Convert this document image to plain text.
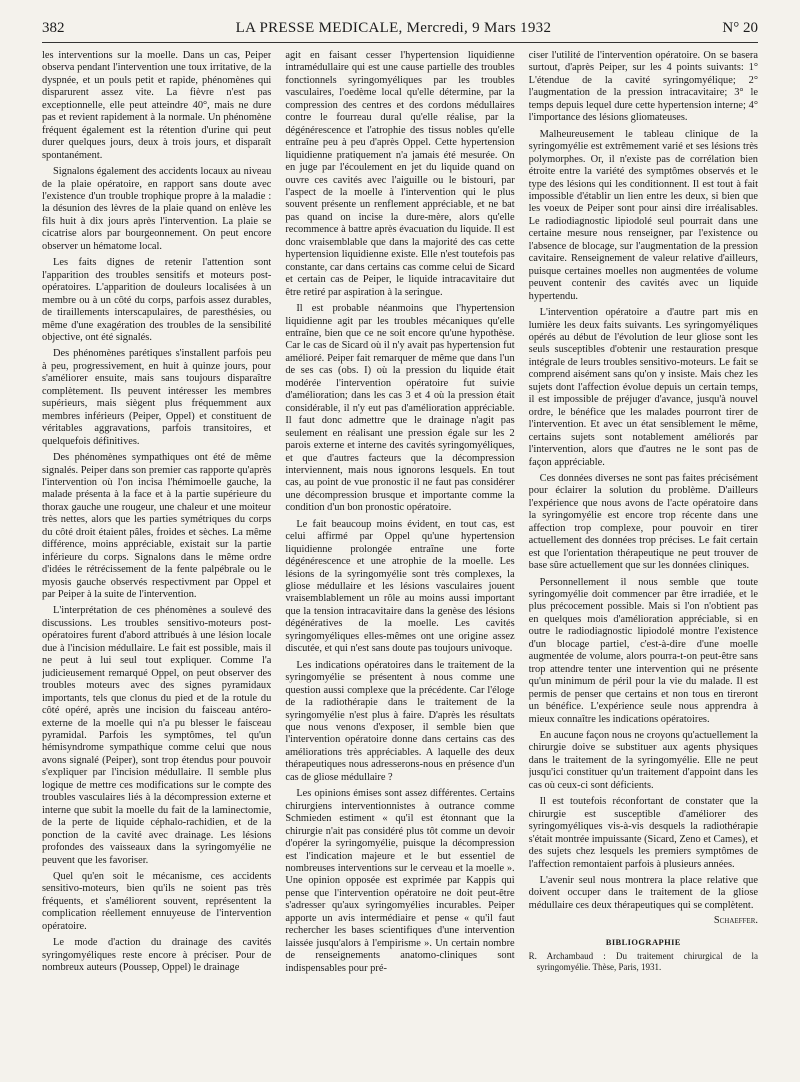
382	LA PRESSE MEDICALE, Mercredi, 9 Mars 1932	N° 20

les interventions sur la moelle. Dans un cas, Peiper observa pendant l'intervention une toux irritative, de la dyspnée, et un pouls petit et rapide, phénomènes qui disparurent assez vite. La fièvre n'est pas exceptionnelle, elle peut atteindre 40°, mais ne dure pas et revient rapidement à la normale. Un phénomène fréquent également est la rétention d'urine qui peut durer quelques jours, deux à trois jours, et disparaît spontanément.

Signalons également des accidents locaux au niveau de la plaie opératoire, en rapport sans doute avec l'existence d'un trouble trophique propre à la maladie : la désunion des lèvres de la plaie quand on enlève les fils huit à dix jours après l'intervention. La plaie se cicatrise alors par bourgeonnement. On peut encore observer un hématome local.

Les faits dignes de retenir l'attention sont l'apparition des troubles sensitifs et moteurs post-opératoires. L'apparition de douleurs localisées à un membre ou à un côté du corps, parfois assez durables, de tiraillements interscapulaires, de paresthésies, ou même d'une exagération des troubles de la sensibilité objective, ont été signalés.

Des phénomènes parétiques s'installent parfois peu à peu, progressivement, en huit à quinze jours, pour s'améliorer ensuite, mais sans toujours disparaître complètement. Ils peuvent intéresser les membres supérieurs, mais siègent plus fréquemment aux membres inférieurs (Peiper, Oppel) et constituent de véritables aggravations, parfois transitoires, et quelquefois définitives.

Des phénomènes sympathiques ont été de même signalés. Peiper dans son premier cas rapporte qu'après l'intervention où l'on incisa l'hémimoelle gauche, la malade présenta à la face et à la partie supérieure du thorax gauche une rougeur, une chaleur et une moiteur très nettes, alors que les parties symétriques du corps du côté droit étaient pâles, froides et sèches. La même différence, moins appréciable, existait sur la partie inférieure du corps. Signalons dans le même ordre d'idées le rétrécissement de la fente palpébrale ou le myosis gauche observés respectivment par Oppel et par Peiper à la suite de l'intervention.

L'interprétation de ces phénomènes a soulevé des discussions. Les troubles sensitivo-moteurs post-opératoires furent d'abord attribués à une lésion locale due à l'incision médullaire. Le fait est possible, mais il ne peut à lui seul tout expliquer. Comme l'a judicieusement remarqué Oppel, on peut observer des troubles moteurs avec des signes pyramidaux importants, tels que clonus du pied et de la rotule du côté opéré, après une incision du faisceau antéro-externe de la moelle qui n'a pu blesser le faisceau pyramidal. Parfois les symptômes, tel qu'un hémisyndrome sympathique comme celui que nous avons signalé (Peiper), sont trop étendus pour pouvoir s'expliquer par l'incision médullaire. Il semble plus logique de mettre ces modifications sur le compte des troubles vasculaires liés à la décompression externe et interne que subit la moelle du fait de la laminectomie, de la perte de liquide céphalo-rachidien, et de la ponction de la cavité avec drainage. Les lésions profondes des vaisseaux dans la syringomyélie ne peuvent que les favoriser.

Quel qu'en soit le mécanisme, ces accidents sensitivo-moteurs, bien qu'ils ne soient pas très fréquents, et s'améliorent souvent, représentent la complication réellement ennuyeuse de l'intervention opératoire.

Le mode d'action du drainage des cavités syringomyéliques reste encore à préciser. Pour de nombreux auteurs (Poussep, Oppel) le drainage

agit en faisant cesser l'hypertension liquidienne intramédullaire qui est une cause partielle des troubles fonctionnels syringomyéliques par les troubles vasculaires, l'oedème local qu'elle détermine, par la compression des centres et des cordons médullaires contre le fourreau dural qu'elle réalise, par la dégénérescence et l'atrophie des tissus nobles qu'elle entraîne peu à peu d'après Oppel. Cette hypertension liquidienne pratiquement n'a jamais été mesurée. On en juge par l'écoulement en jet du liquide quand on ouvre ces cavités avec l'aiguille ou le bistouri, par l'aspect de la moelle à l'intervention qui le plus souvent présente un renflement appréciable, et ne bat pas quand on incise la dure-mère, alors qu'elle recommence à battre après évacuation du liquide. Il est donc vraisemblable que dans la majorité des cas cette hypertension liquidienne existe. Elle n'est toutefois pas constante, car dans certains cas comme celui de Sicard et certain cas de Peiper, le liquide intracavitaire dut être retiré par aspiration à la seringue.

Il est probable néanmoins que l'hypertension liquidienne agit par les troubles mécaniques qu'elle entraîne, bien que ce ne soit encore qu'une hypothèse. Car le cas de Sicard où il n'y avait pas hypertension fut amélioré. Peiper fait remarquer de même que dans l'un de ses cas (obs. I) où la pression du liquide était modérée l'intervention opératoire fut suivie d'amélioration; dans les cas 3 et 4 où la pression était considérable, il n'y eut pas d'amélioration appréciable. Il faut donc admettre que le drainage n'agit pas seulement en réalisant une pression égale sur les 2 parois externe et interne des cavités syringomyéliques, et que d'autres facteurs que la décompression interviennent, mais nous ignorons lesquels. En tout cas, au point de vue pronostic il ne faut pas considérer une décompression brusque et importante comme la condition d'un bon pronostic opératoire.

Le fait beaucoup moins évident, en tout cas, est celui affirmé par Oppel qu'une hypertension liquidienne prolongée entraîne une forte dégénérescence et une atrophie de la moelle. Les lésions de la syringomyélie sont très complexes, la gliose médullaire et les lésions vasculaires jouent vraisemblablement un rôle au moins aussi important que la tension intracavitaire dans la genèse des lésions dégénératives de la moelle. Les cavités syringomyéliques elles-mêmes ont une origine assez discutée, et qui n'est sans doute pas toujours univoque.

Les indications opératoires dans le traitement de la syringomyélie se présentent à nous comme une question aussi complexe que la précédente. Car l'éloge de la radiothérapie dans le traitement de la syringomyélie n'est plus à faire. D'après les résultats que nous venons d'exposer, il semble bien que l'intervention opératoire donne dans certains cas des améliorations très appréciables. A laquelle des deux thérapeutiques nous adresserons-nous en présence d'un cas de gliose médullaire ?

Les opinions émises sont assez différentes. Certains chirurgiens interventionnistes à outrance comme Schmieden estiment « qu'il est étonnant que la chirurgie n'ait pas considéré plus tôt comme un devoir d'opérer la syringomyélie, puisque la décompression est l'indication majeure et le but essentiel de nombreuses interventions sur le cerveau et la moelle ». Une opinion opposée est exprimée par Kappis qui pense que l'intervention opératoire ne doit peut-être s'adresser qu'aux syringomyélies incurables. Peiper apporte un avis intermédiaire et pense « qu'il faut rechercher les bases scientifiques d'une intervention laissée jusqu'alors à l'empirisme ». Un certain nombre de renseignements anatomo-cliniques sont indispensables pour pré-

ciser l'utilité de l'intervention opératoire. On se basera surtout, d'après Peiper, sur les 4 points suivants: 1° L'étendue de la cavité syringomyélique; 2° l'augmentation de la pression intracavitaire; 3° le temps depuis lequel dure cette hypertension interne; 4° l'importance des lésions gliomateuses.

Malheureusement le tableau clinique de la syringomyélie est extrêmement varié et ses lésions très polymorphes. Or, il n'existe pas de corrélation bien étroite entre la variété des symptômes observés et le type des lésions qui les conditionnent. Il est tout à fait impossible d'établir un lien entre les deux, si bien que les voeux de Peiper sont pour ainsi dire irréalisables. Le radiodiagnostic lipiodolé seul pourrait dans une certaine mesure nous renseigner, par l'existence ou l'absence de blocage, sur l'augmentation de la pression cavitaire. Renseignement de valeur relative d'ailleurs, puisque certaines moelles non augmentées de volume peuvent contenir des cavités avec un liquide hypertendu.

L'intervention opératoire a d'autre part mis en lumière les deux faits suivants. Les syringomyéliques opérés au début de l'évolution de leur gliose sont les seuls susceptibles d'obtenir une restauration presque intégrale de leurs troubles sensitivo-moteurs. Le fait se comprend aisément sans qu'on y insiste. Mais chez les sujets dont l'affection évolue depuis un certain temps, il est impossible de préjuger d'avance, jusqu'à nouvel ordre, le bénéfice que les malades pourront tirer de l'intervention. Et avec un état sensiblement le même, certains sujets sont notablement améliorés par l'intervention, alors que d'autres ne le sont pas de façon appréciable.

Ces données diverses ne sont pas faites précisément pour éclairer la solution du problème. D'ailleurs l'expérience que nous avons de l'acte opératoire dans la syringomyélie est encore trop récente dans une affection trop complexe, pour pouvoir en tirer actuellement des données trop précises. Le fait certain est que l'orientation thérapeutique ne peut trouver de base sûre actuellement que sur les données cliniques.

Personnellement il nous semble que toute syringomyélie doit commencer par être irradiée, et le plus précocement possible. Mais si l'on n'obtient pas en quelques mois d'amélioration appréciable, si en outre le radiodiagnostic lipiodolé montre l'existence d'un blocage partiel, c'est-à-dire d'une moelle augmentée de volume, alors pourra-t-on peut-être sans trop attendre tenter une intervention qui ne présente qu'un minimum de péril pour la vie du malade. Il est permis de penser que certains et non tous en tireront un bénéfice. L'expérience seule nous apprendra à mieux connaître les indications opératoires.

En aucune façon nous ne croyons qu'actuellement la chirurgie doive se substituer aux agents physiques dans le traitement de la syringomyélie. Elle ne peut jusqu'ici constituer qu'un traitement d'appoint dans les cas où ceux-ci sont déficients.

Il est toutefois réconfortant de constater que la chirurgie est susceptible d'améliorer des syringomyéliques vis-à-vis desquels la radiothérapie s'était montrée impuissante (Sicard, Zeno et Cames), et des sujets chez lesquels les premiers symptômes de l'affection remontaient parfois à plusieurs années.

L'avenir seul nous montrera la place relative que doivent occuper dans le traitement de la gliose médullaire ces deux thérapeutiques qui se complètent.

Schaeffer.

BIBLIOGRAPHIE

R. Archambaud : Du traitement chirurgical de la syringomyélie. Thèse, Paris, 1931.
